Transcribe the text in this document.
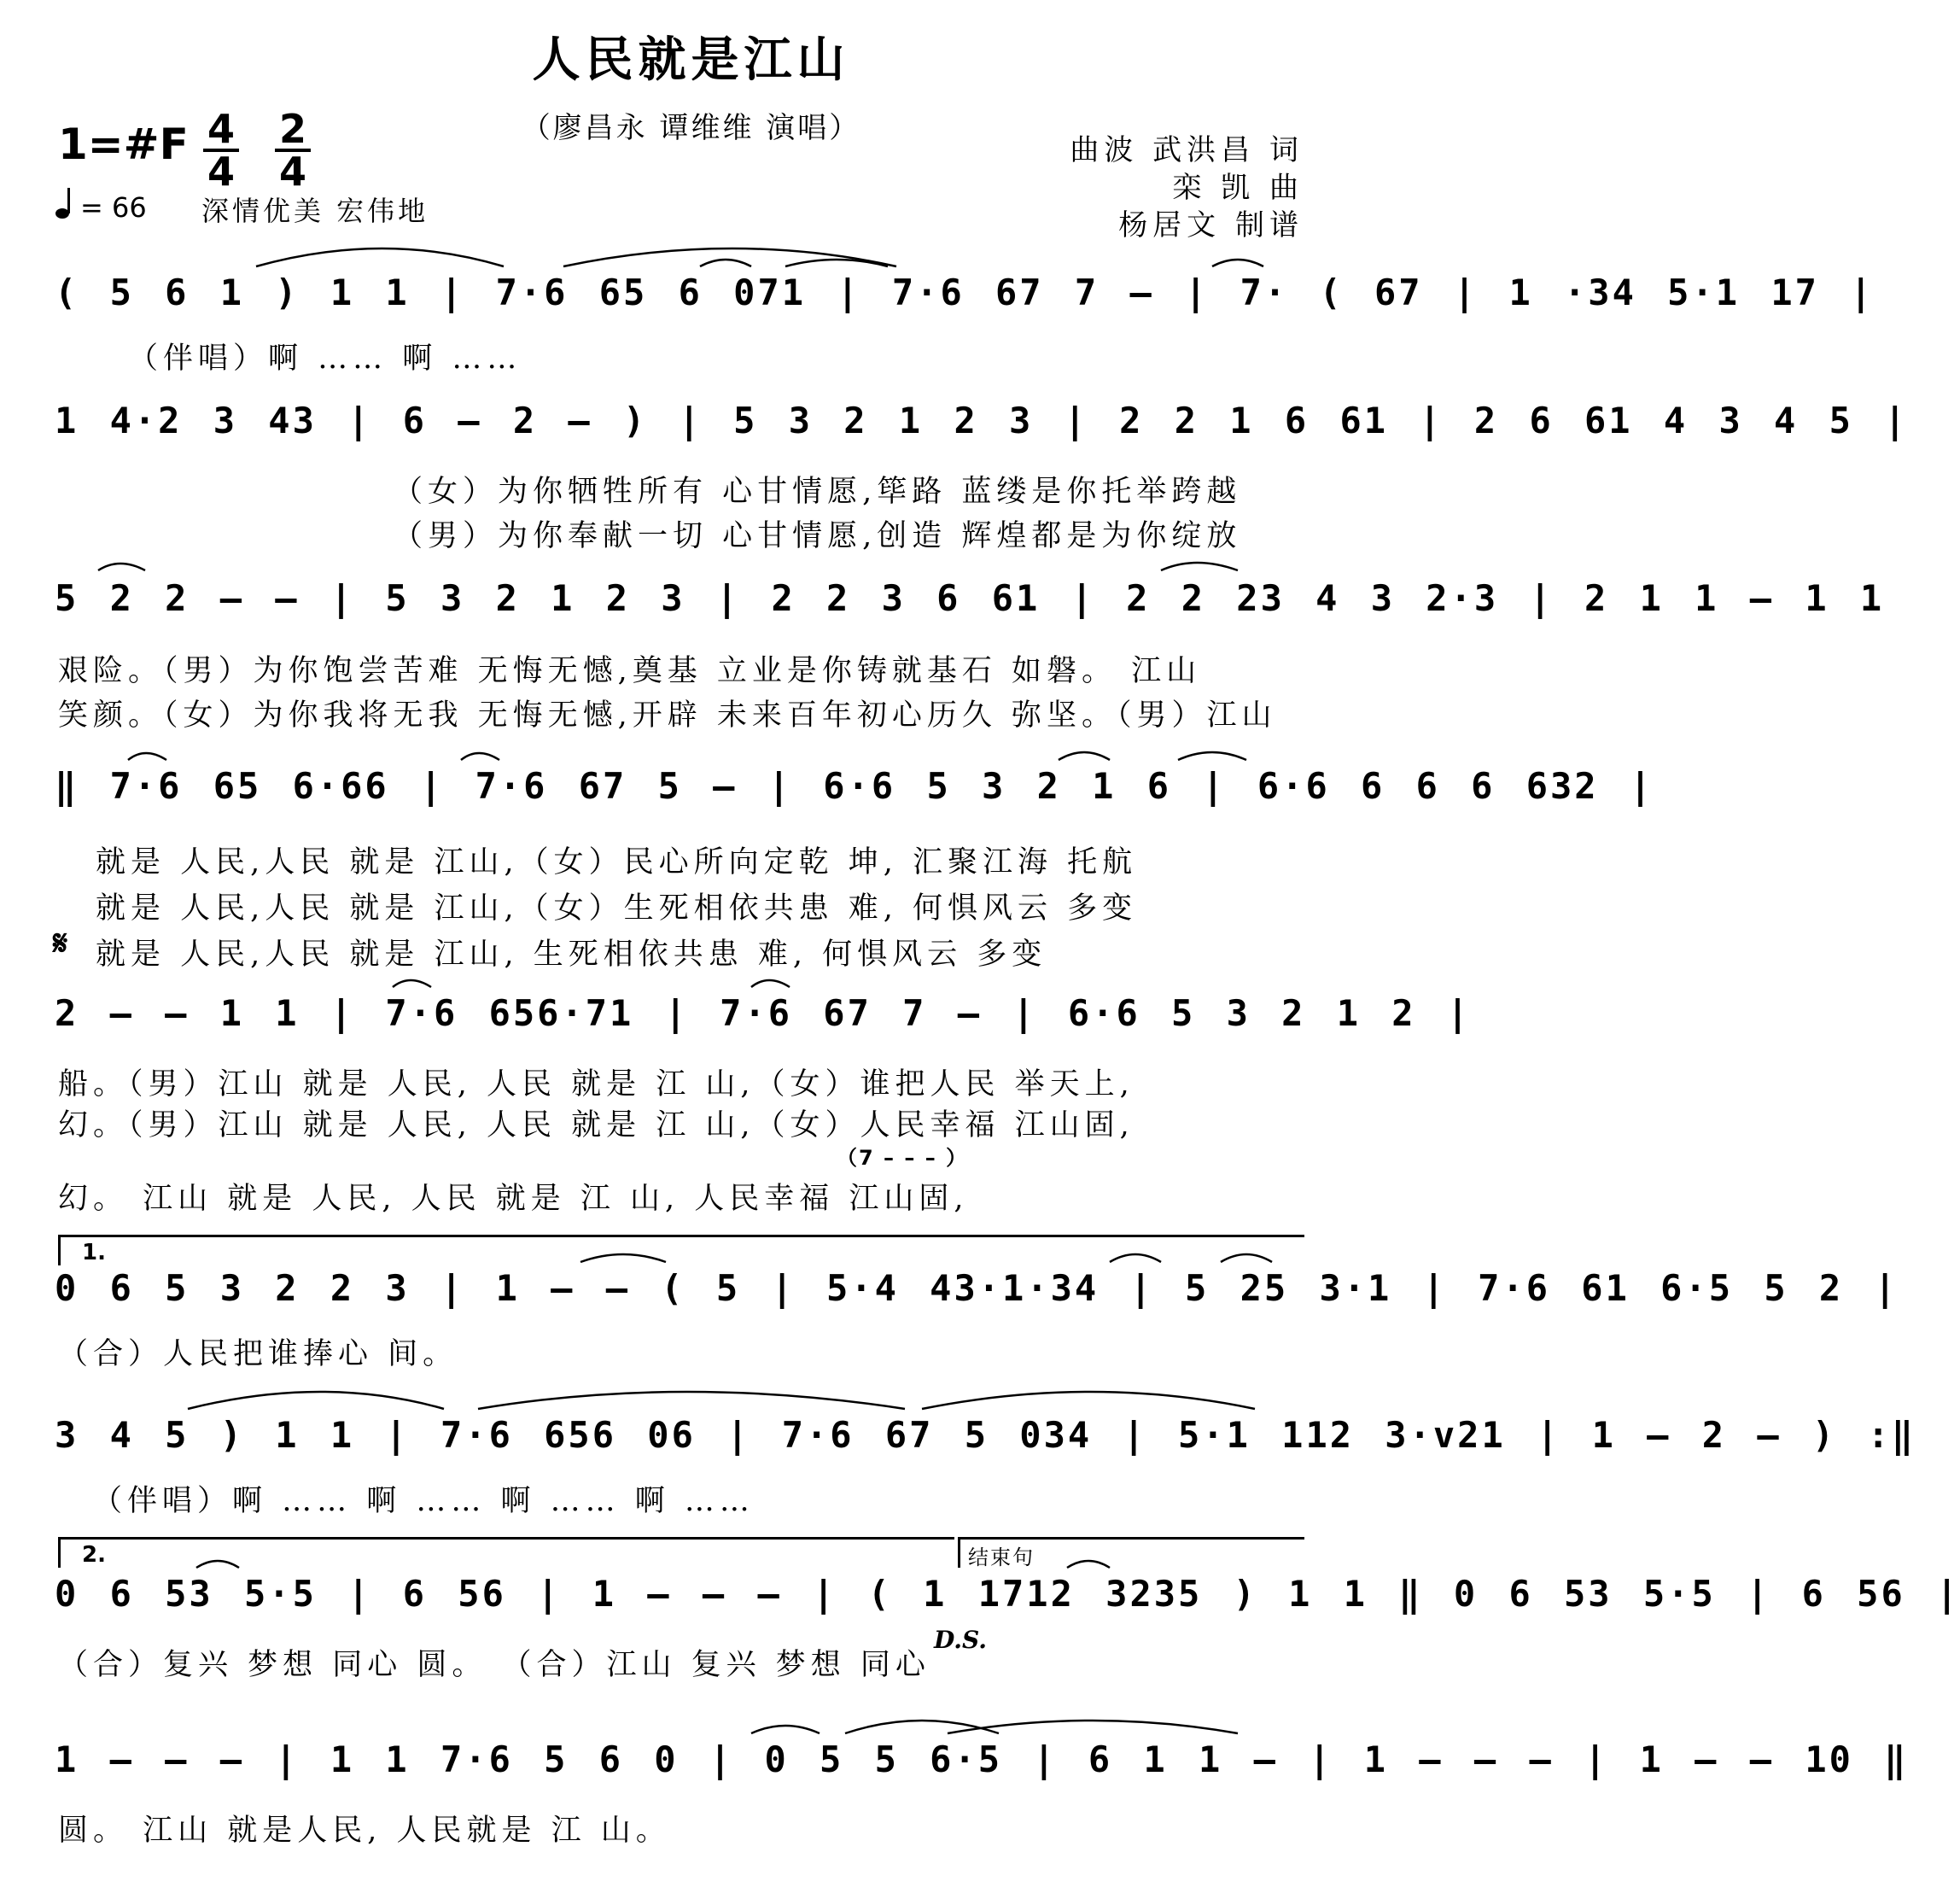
人民就是江山
（廖昌永 谭维维 演唱）
曲波 武洪昌 词
栾 凯 曲
杨居文 制谱
1=#F 4
4
2
4
= 66 深情优美 宏伟地
( 5 6 1 ) 1 1 | 7·6 65 6 071 | 7·6 67 7 – | 7· ( 67 | 1 ·34 5·1 17 |
（伴唱）啊 …… 啊 ……
1 4·2 3 43 | 6 – 2 – ) | 5 3 2 1 2 3 | 2 2 1 6 61 | 2 6 61 4 3 4 5 |
（女）为你牺牲所有 心甘情愿,筚路 蓝缕是你托举跨越
（男）为你奉献一切 心甘情愿,创造 辉煌都是为你绽放
5 2 2 – – | 5 3 2 1 2 3 | 2 2 3 6 61 | 2 2 23 4 3 2·3 | 2 1 1 – 1 1
艰险。（男）为你饱尝苦难 无悔无憾,奠基 立业是你铸就基石 如磐。 江山
笑颜。（女）为你我将无我 无悔无憾,开辟 未来百年初心历久 弥坚。（男）江山
‖ 7·6 65 6·66 | 7·6 67 5 – | 6·6 5 3 2 1 6 | 6·6 6 6 6 632 |
就是 人民,人民 就是 江山,（女）民心所向定乾 坤, 汇聚江海 托航
就是 人民,人民 就是 江山,（女）生死相依共患 难, 何惧风云 多变
𝄋 就是 人民,人民 就是 江山, 生死相依共患 难, 何惧风云 多变
2 – – 1 1 | 7·6 656·71 | 7·6 67 7 – | 6·6 5 3 2 1 2 |
船。（男）江山 就是 人民, 人民 就是 江 山,（女）谁把人民 举天上,
幻。（男）江山 就是 人民, 人民 就是 江 山,（女）人民幸福 江山固,
（7 – – – ）
幻。 江山 就是 人民, 人民 就是 江 山, 人民幸福 江山固,
1.
0 6 5 3 2 2 3 | 1 – – ( 5 | 5·4 43·1·34 | 5 25 3·1 | 7·6 61 6·5 5 2 |
（合）人民把谁捧心 间。
3 4 5 ) 1 1 | 7·6 656 06 | 7·6 67 5 034 | 5·1 112 3·v21 | 1 – 2 – ) :‖
（伴唱）啊 …… 啊 …… 啊 …… 啊 ……
2.	结束句
0 6 53 5·5 | 6 56 | 1 – – – | ( 1 1712 3235 ) 1 1 ‖ 0 6 53 5·5 | 6 56 |
D.S.
（合）复兴 梦想 同心 圆。 （合）江山 复兴 梦想 同心
1 – – – | 1 1 7·6 5 6 0 | 0 5 5 6·5 | 6 1 1 – | 1 – – – | 1 – – 10 ‖
圆。 江山 就是人民, 人民就是 江 山。
